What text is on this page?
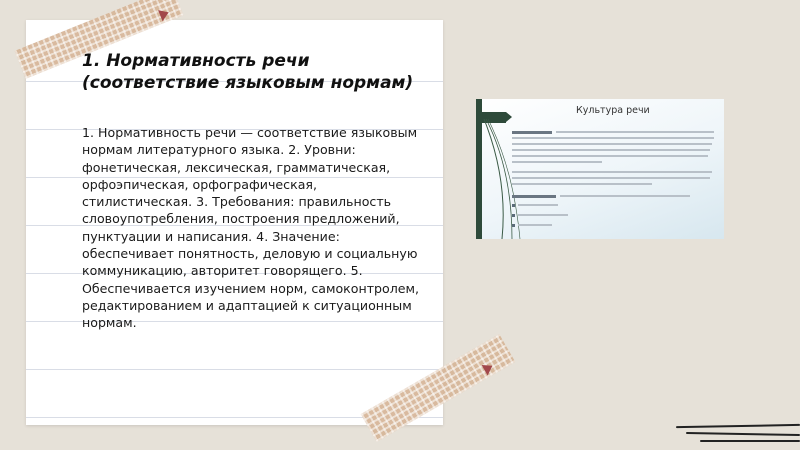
1. Нормативность речи (соответствие языковым нормам)

1. Нормативность речи — соответствие языковым нормам литературного языка. 2. Уровни: фонетическая, лексическая, грамматическая, орфоэпическая, орфографическая, стилистическая. 3. Требования: правильность словоупотребления, построения предложений, пунктуации и написания. 4. Значение: обеспечивает понятность, деловую и социальную коммуникацию, авторитет говорящего. 5. Обеспечивается изучением норм, самоконтролем, редактированием и адаптацией к ситуационным нормам.

Культура речи
